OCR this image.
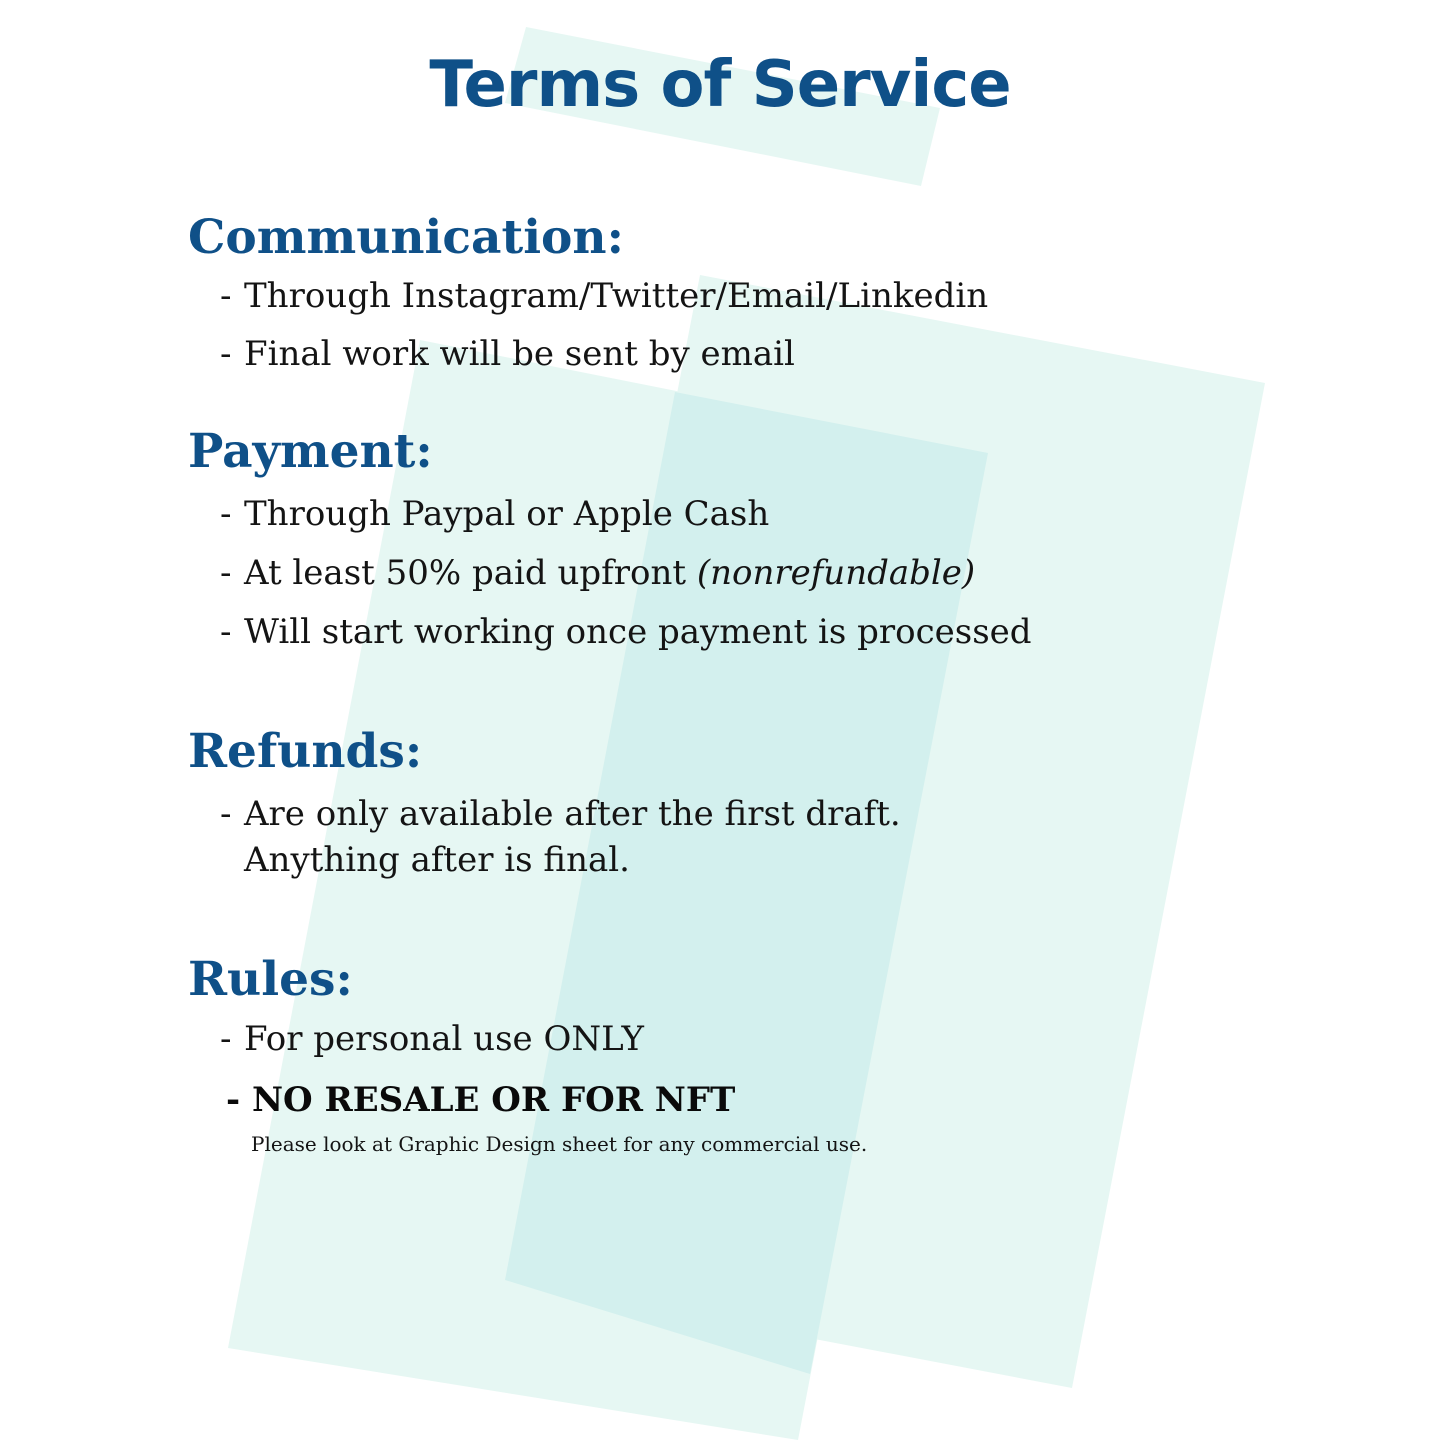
Terms of Service
Communication:

- Through Instagram/Twitter/Email/Linkedin

- Final work will be sent by email

Payment:

- Through Paypal or Apple Cash

- At least 50% paid upfront (nonrefundable)

- Will start working once payment is processed

Refunds:

- Are only available after the first draft.

Anything after is final.

Rules:

- For personal use ONLY

- NO RESALE OR FOR NFT

Please look at Graphic Design sheet for any commercial use.
